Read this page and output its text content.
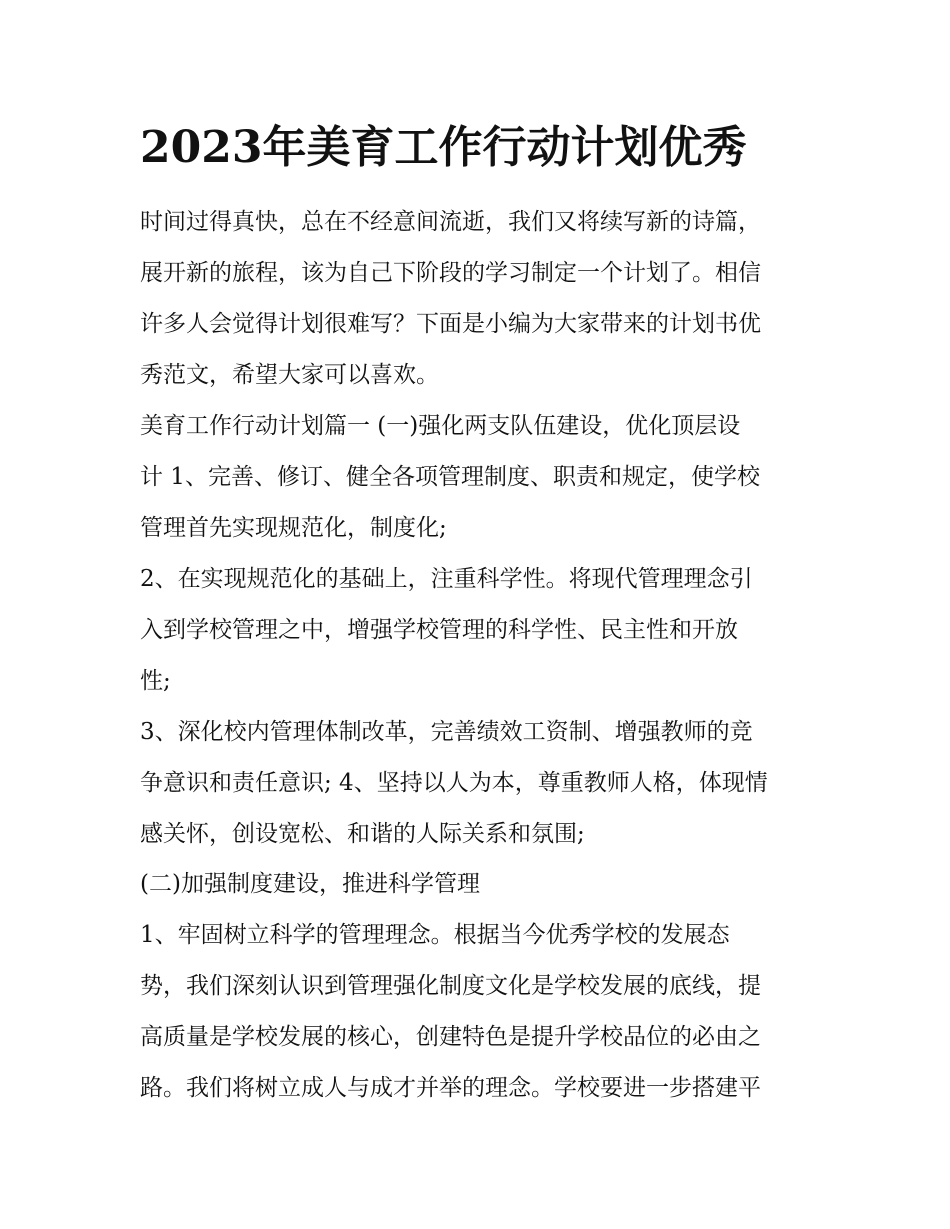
2023年美育工作行动计划优秀

时间过得真快，总在不经意间流逝，我们又将续写新的诗篇，

展开新的旅程，该为自己下阶段的学习制定一个计划了。相信

许多人会觉得计划很难写？下面是小编为大家带来的计划书优

秀范文，希望大家可以喜欢。

美育工作行动计划篇一 (一)强化两支队伍建设，优化顶层设

计 1、完善、修订、健全各项管理制度、职责和规定，使学校

管理首先实现规范化，制度化;

2、在实现规范化的基础上，注重科学性。将现代管理理念引

入到学校管理之中，增强学校管理的科学性、民主性和开放

性;

3、深化校内管理体制改革，完善绩效工资制、增强教师的竞

争意识和责任意识; 4、坚持以人为本，尊重教师人格，体现情

感关怀，创设宽松、和谐的人际关系和氛围;

(二)加强制度建设，推进科学管理

1、牢固树立科学的管理理念。根据当今优秀学校的发展态

势，我们深刻认识到管理强化制度文化是学校发展的底线，提

高质量是学校发展的核心，创建特色是提升学校品位的必由之

路。我们将树立成人与成才并举的理念。学校要进一步搭建平
